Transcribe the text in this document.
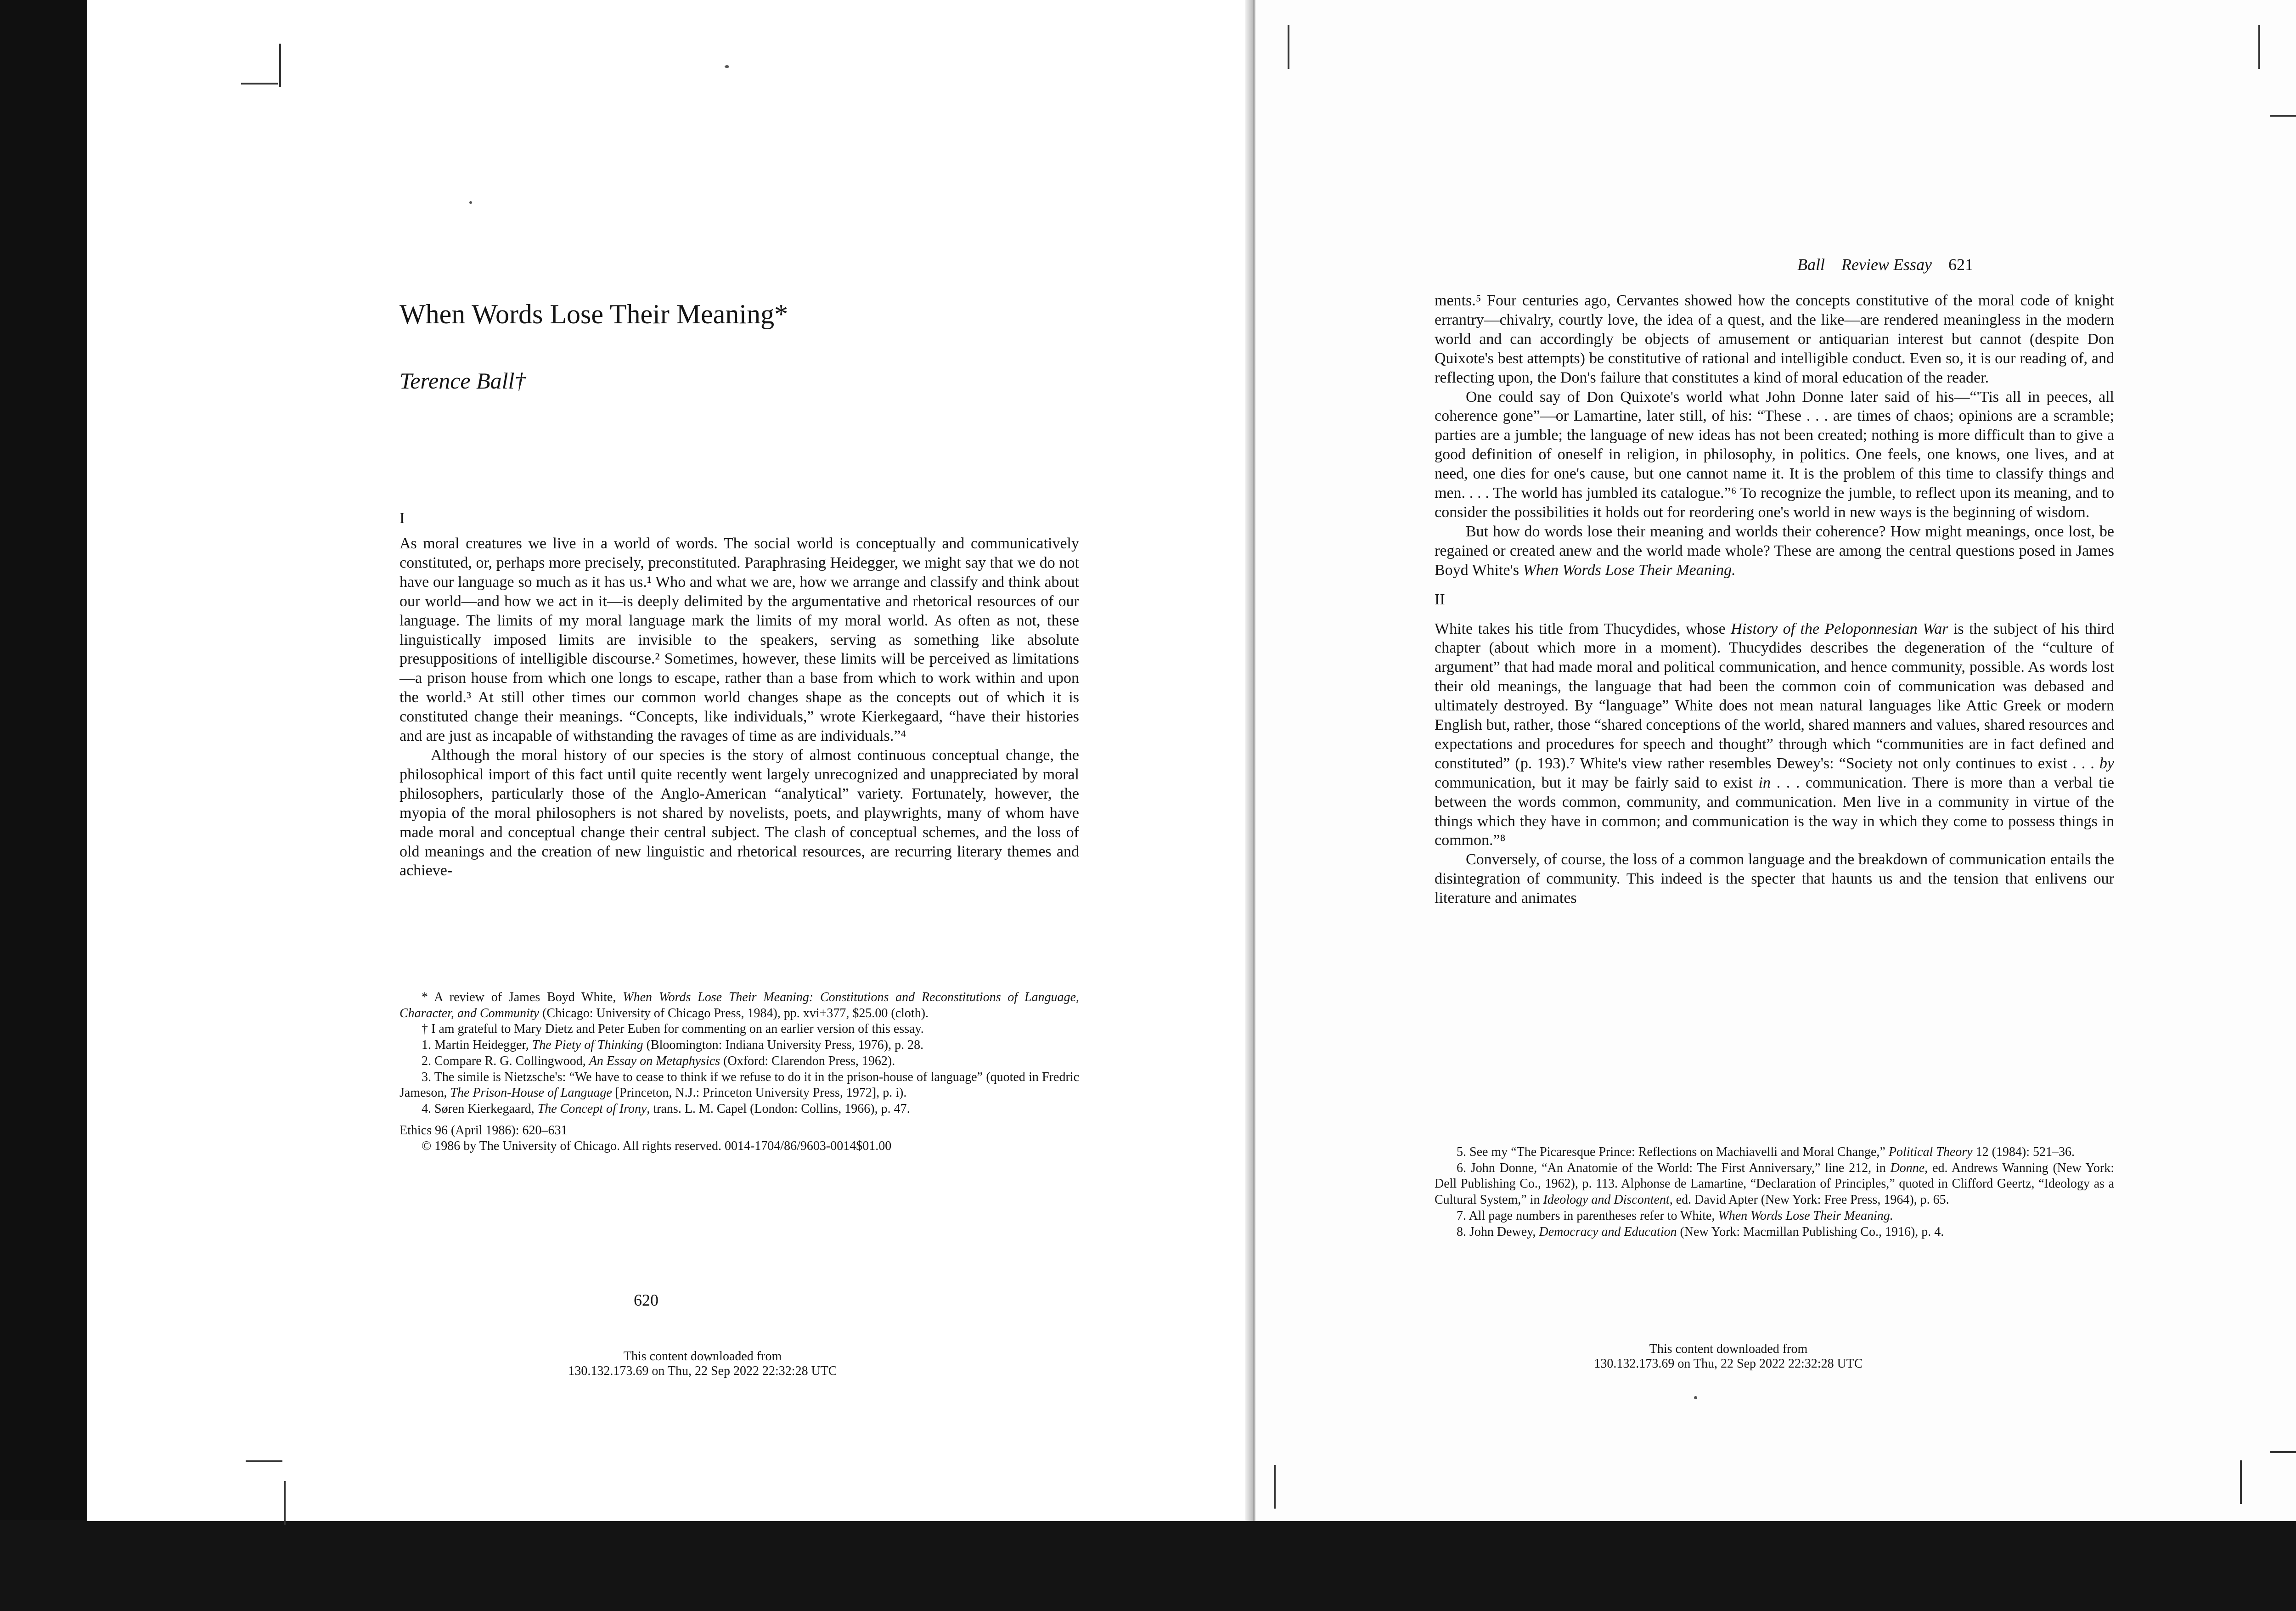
When Words Lose Their Meaning*
Terence Ball†
I

As moral creatures we live in a world of words. The social world is conceptually and communicatively constituted, or, perhaps more precisely, preconstituted. Paraphrasing Heidegger, we might say that we do not have our language so much as it has us.¹ Who and what we are, how we arrange and classify and think about our world—and how we act in it—is deeply delimited by the argumentative and rhetorical resources of our language. The limits of my moral language mark the limits of my moral world. As often as not, these linguistically imposed limits are invisible to the speakers, serving as something like absolute presuppositions of intelligible discourse.² Sometimes, however, these limits will be perceived as limitations—a prison house from which one longs to escape, rather than a base from which to work within and upon the world.³ At still other times our common world changes shape as the concepts out of which it is constituted change their meanings. “Concepts, like individuals,” wrote Kierkegaard, “have their histories and are just as incapable of withstanding the ravages of time as are individuals.”⁴

Although the moral history of our species is the story of almost continuous conceptual change, the philosophical import of this fact until quite recently went largely unrecognized and unappreciated by moral philosophers, particularly those of the Anglo-American “analytical” variety. Fortunately, however, the myopia of the moral philosophers is not shared by novelists, poets, and playwrights, many of whom have made moral and conceptual change their central subject. The clash of conceptual schemes, and the loss of old meanings and the creation of new linguistic and rhetorical resources, are recurring literary themes and achieve-

* A review of James Boyd White, When Words Lose Their Meaning: Constitutions and Reconstitutions of Language, Character, and Community (Chicago: University of Chicago Press, 1984), pp. xvi+377, $25.00 (cloth).

† I am grateful to Mary Dietz and Peter Euben for commenting on an earlier version of this essay.

1. Martin Heidegger, The Piety of Thinking (Bloomington: Indiana University Press, 1976), p. 28.

2. Compare R. G. Collingwood, An Essay on Metaphysics (Oxford: Clarendon Press, 1962).

3. The simile is Nietzsche's: “We have to cease to think if we refuse to do it in the prison-house of language” (quoted in Fredric Jameson, The Prison-House of Language [Princeton, N.J.: Princeton University Press, 1972], p. i).

4. Søren Kierkegaard, The Concept of Irony, trans. L. M. Capel (London: Collins, 1966), p. 47.

Ethics 96 (April 1986): 620–631

© 1986 by The University of Chicago. All rights reserved. 0014-1704/86/9603-0014$01.00

620
This content downloaded from
130.132.173.69 on Thu, 22 Sep 2022 22:32:28 UTC
Ball Review Essay 621

ments.⁵ Four centuries ago, Cervantes showed how the concepts constitutive of the moral code of knight errantry—chivalry, courtly love, the idea of a quest, and the like—are rendered meaningless in the modern world and can accordingly be objects of amusement or antiquarian interest but cannot (despite Don Quixote's best attempts) be constitutive of rational and intelligible conduct. Even so, it is our reading of, and reflecting upon, the Don's failure that constitutes a kind of moral education of the reader.

One could say of Don Quixote's world what John Donne later said of his—“'Tis all in peeces, all coherence gone”—or Lamartine, later still, of his: “These . . . are times of chaos; opinions are a scramble; parties are a jumble; the language of new ideas has not been created; nothing is more difficult than to give a good definition of oneself in religion, in philosophy, in politics. One feels, one knows, one lives, and at need, one dies for one's cause, but one cannot name it. It is the problem of this time to classify things and men. . . . The world has jumbled its catalogue.”⁶ To recognize the jumble, to reflect upon its meaning, and to consider the possibilities it holds out for reordering one's world in new ways is the beginning of wisdom.

But how do words lose their meaning and worlds their coherence? How might meanings, once lost, be regained or created anew and the world made whole? These are among the central questions posed in James Boyd White's When Words Lose Their Meaning.

II

White takes his title from Thucydides, whose History of the Peloponnesian War is the subject of his third chapter (about which more in a moment). Thucydides describes the degeneration of the “culture of argument” that had made moral and political communication, and hence community, possible. As words lost their old meanings, the language that had been the common coin of communication was debased and ultimately destroyed. By “language” White does not mean natural languages like Attic Greek or modern English but, rather, those “shared conceptions of the world, shared manners and values, shared resources and expectations and procedures for speech and thought” through which “communities are in fact defined and constituted” (p. 193).⁷ White's view rather resembles Dewey's: “Society not only continues to exist . . . by communication, but it may be fairly said to exist in . . . communication. There is more than a verbal tie between the words common, community, and communication. Men live in a community in virtue of the things which they have in common; and communication is the way in which they come to possess things in common.”⁸

Conversely, of course, the loss of a common language and the breakdown of communication entails the disintegration of community. This indeed is the specter that haunts us and the tension that enlivens our literature and animates

5. See my “The Picaresque Prince: Reflections on Machiavelli and Moral Change,” Political Theory 12 (1984): 521–36.

6. John Donne, “An Anatomie of the World: The First Anniversary,” line 212, in Donne, ed. Andrews Wanning (New York: Dell Publishing Co., 1962), p. 113. Alphonse de Lamartine, “Declaration of Principles,” quoted in Clifford Geertz, “Ideology as a Cultural System,” in Ideology and Discontent, ed. David Apter (New York: Free Press, 1964), p. 65.

7. All page numbers in parentheses refer to White, When Words Lose Their Meaning.

8. John Dewey, Democracy and Education (New York: Macmillan Publishing Co., 1916), p. 4.

This content downloaded from
130.132.173.69 on Thu, 22 Sep 2022 22:32:28 UTC
